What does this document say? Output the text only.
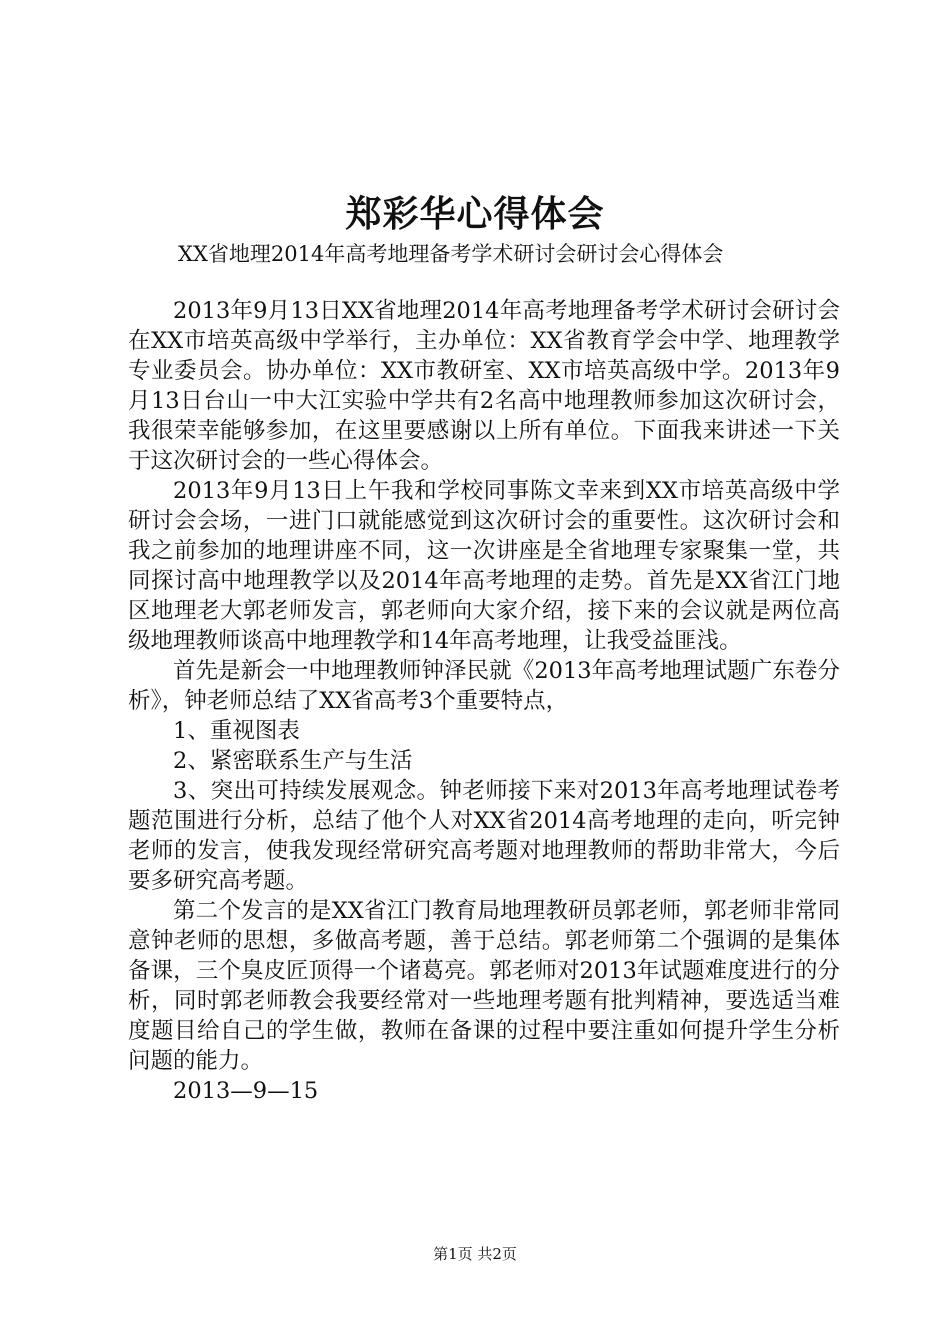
郑彩华心得体会

XX省地理2014年高考地理备考学术研讨会研讨会心得体会

2013年9月13日XX省地理2014年高考地理备考学术研讨会研讨会在XX市培英高级中学举行，主办单位：XX省教育学会中学、地理教学专业委员会。协办单位：XX市教研室、XX市培英高级中学。2013年9月13日台山一中大江实验中学共有2名高中地理教师参加这次研讨会，我很荣幸能够参加，在这里要感谢以上所有单位。下面我来讲述一下关于这次研讨会的一些心得体会。

2013年9月13日上午我和学校同事陈文幸来到XX市培英高级中学研讨会会场，一进门口就能感觉到这次研讨会的重要性。这次研讨会和我之前参加的地理讲座不同，这一次讲座是全省地理专家聚集一堂，共同探讨高中地理教学以及2014年高考地理的走势。首先是XX省江门地区地理老大郭老师发言，郭老师向大家介绍，接下来的会议就是两位高级地理教师谈高中地理教学和14年高考地理，让我受益匪浅。

首先是新会一中地理教师钟泽民就《2013年高考地理试题广东卷分析》，钟老师总结了XX省高考3个重要特点，

1、重视图表

2、紧密联系生产与生活

3、突出可持续发展观念。钟老师接下来对2013年高考地理试卷考题范围进行分析，总结了他个人对XX省2014高考地理的走向，听完钟老师的发言，使我发现经常研究高考题对地理教师的帮助非常大，今后要多研究高考题。

第二个发言的是XX省江门教育局地理教研员郭老师，郭老师非常同意钟老师的思想，多做高考题，善于总结。郭老师第二个强调的是集体备课，三个臭皮匠顶得一个诸葛亮。郭老师对2013年试题难度进行的分析，同时郭老师教会我要经常对一些地理考题有批判精神，要选适当难度题目给自己的学生做，教师在备课的过程中要注重如何提升学生分析问题的能力。

2013—9—15

第1页 共2页
